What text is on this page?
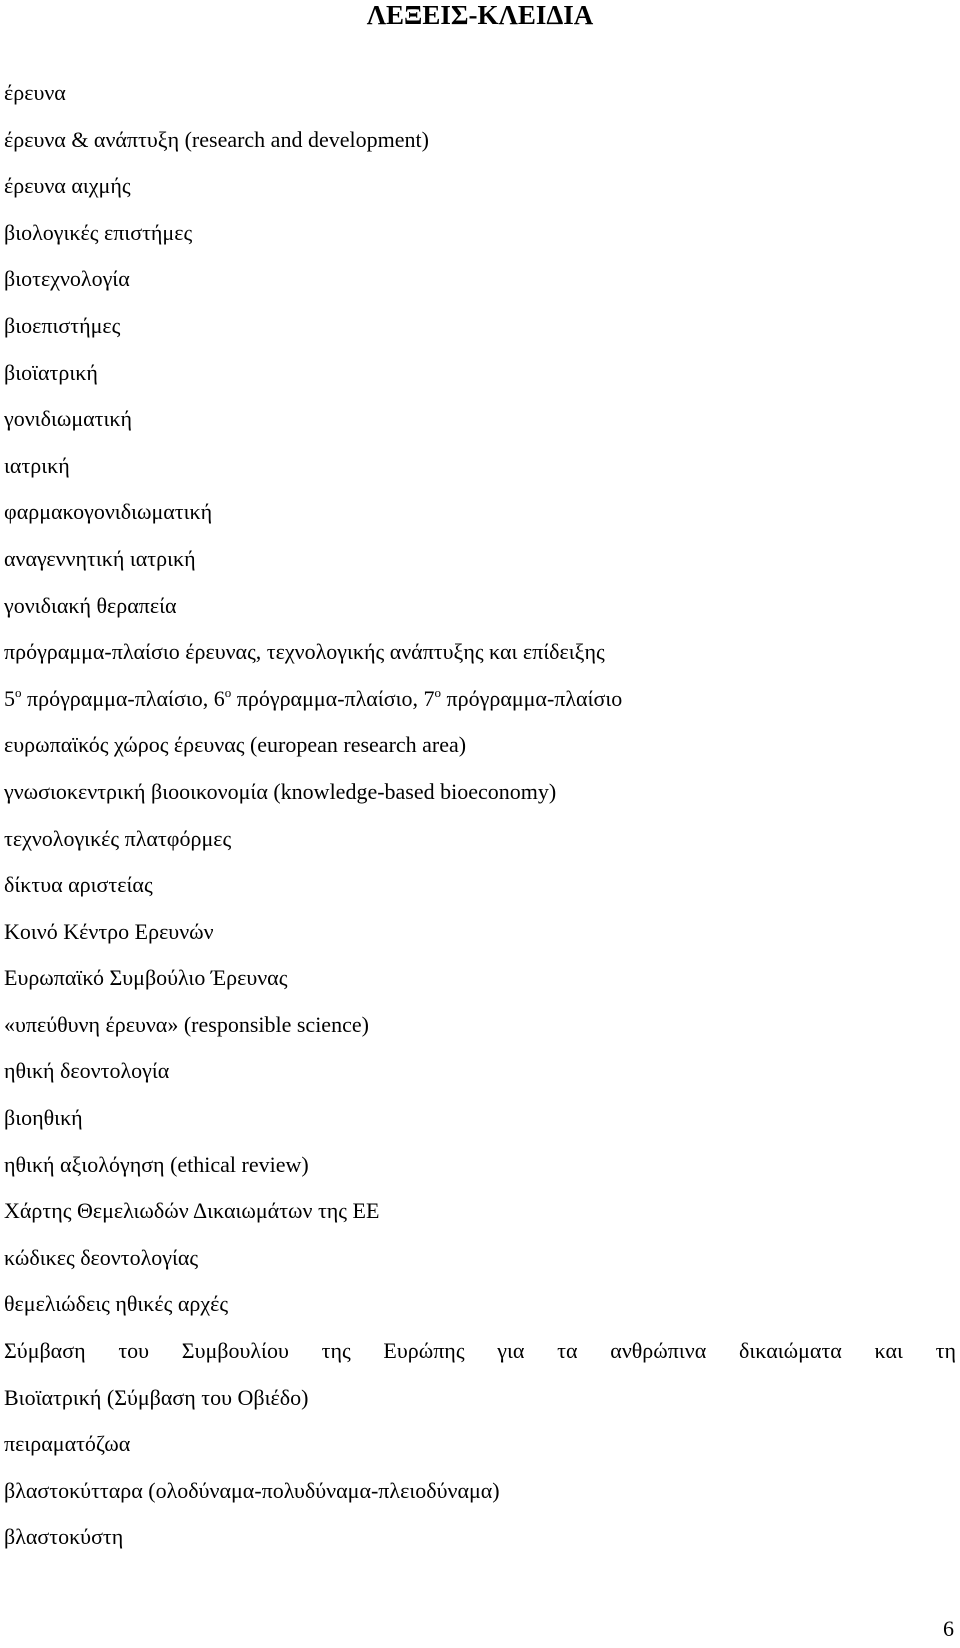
ΛΕΞΕΙΣ-ΚΛΕΙΔΙΑ
έρευνα
έρευνα & ανάπτυξη (research and development)
έρευνα αιχμής
βιολογικές επιστήμες
βιοτεχνολογία
βιοεπιστήμες
βιοϊατρική
γονιδιωματική
ιατρική
φαρμακογονιδιωματική
αναγεννητική ιατρική
γονιδιακή θεραπεία
πρόγραμμα-πλαίσιο έρευνας, τεχνολογικής ανάπτυξης και επίδειξης
$5^o$ πρόγραμμα-πλαίσιο, $6^o$ πρόγραμμα-πλαίσιο, $7^o$ πρόγραμμα-πλαίσιο
ευρωπαϊκός χώρος έρευνας (european research area)
γνωσιοκεντρική βιοοικονομία (knowledge-based bioeconomy)
τεχνολογικές πλατφόρμες
δίκτυα αριστείας
Κοινό Κέντρο Ερευνών
Ευρωπαϊκό Συμβούλιο Έρευνας
«υπεύθυνη έρευνα» (responsible science)
ηθική δεοντολογία
βιοηθική
ηθική αξιολόγηση (ethical review)
Χάρτης Θεμελιωδών Δικαιωμάτων της ΕΕ
κώδικες δεοντολογίας
θεμελιώδεις ηθικές αρχές
Σύμβαση του Συμβουλίου της Ευρώπης για τα ανθρώπινα δικαιώματα και τη
Βιοϊατρική (Σύμβαση του Οβιέδο)
πειραματόζωα
βλαστοκύτταρα (ολοδύναμα-πολυδύναμα-πλειοδύναμα)
βλαστοκύστη
6
